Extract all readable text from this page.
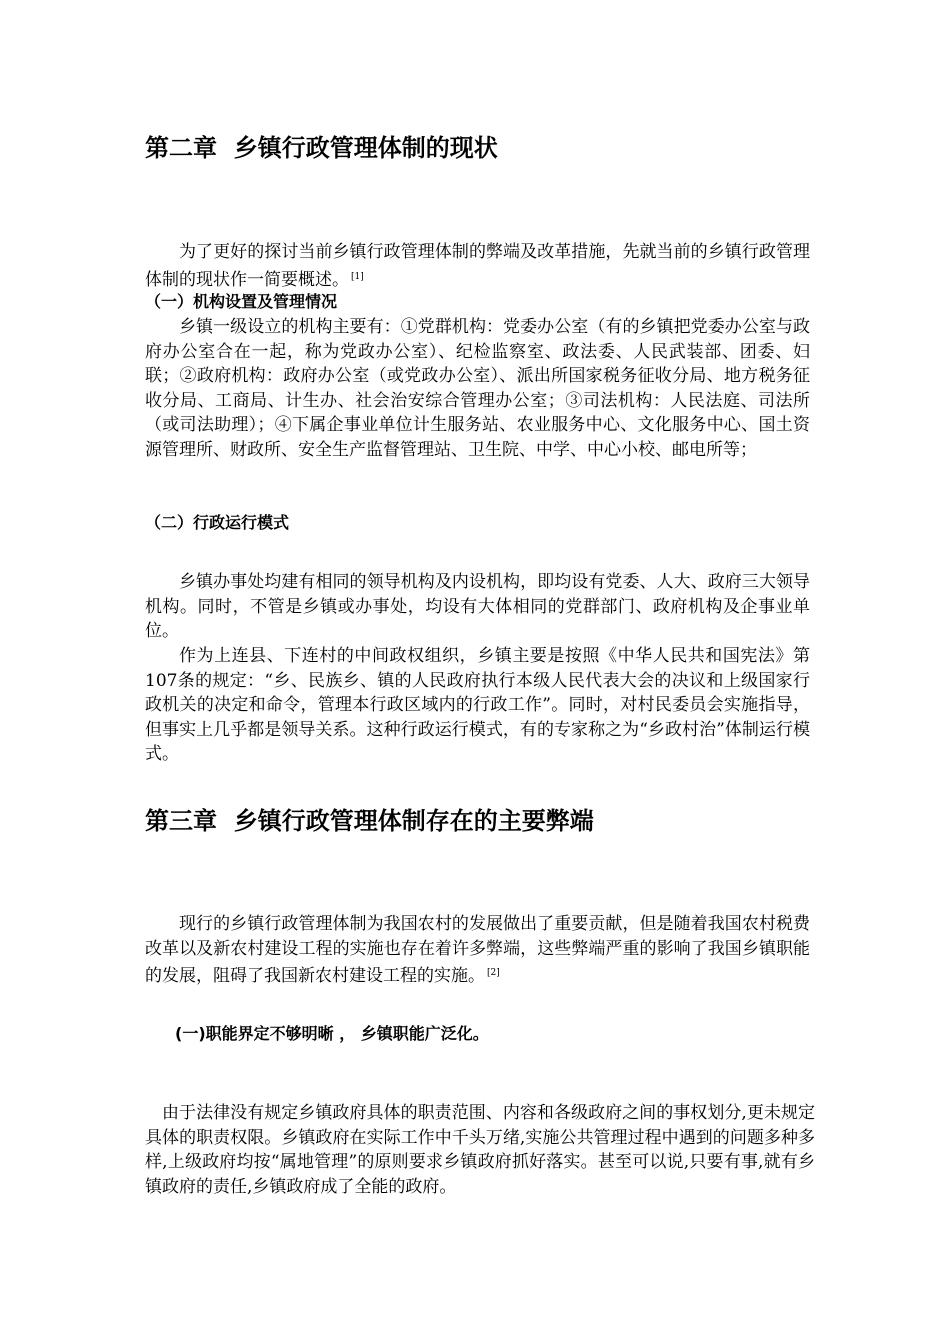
第二章  乡镇行政管理体制的现状
为了更好的探讨当前乡镇行政管理体制的弊端及改革措施，先就当前的乡镇行政管理体制的现状作一简要概述。 [1]
（一）机构设置及管理情况
乡镇一级设立的机构主要有：①党群机构：党委办公室（有的乡镇把党委办公室与政府办公室合在一起，称为党政办公室）、纪检监察室、政法委、人民武装部、团委、妇联；②政府机构：政府办公室（或党政办公室）、派出所国家税务征收分局、地方税务征收分局、工商局、计生办、社会治安综合管理办公室；③司法机构：人民法庭、司法所（或司法助理）；④下属企事业单位计生服务站、农业服务中心、文化服务中心、国土资源管理所、财政所、安全生产监督管理站、卫生院、中学、中心小校、邮电所等；
（二）行政运行模式
乡镇办事处均建有相同的领导机构及内设机构，即均设有党委、人大、政府三大领导机构。同时，不管是乡镇或办事处，均设有大体相同的党群部门、政府机构及企事业单位。
作为上连县、下连村的中间政权组织，乡镇主要是按照《中华人民共和国宪法》第107条的规定：“乡、民族乡、镇的人民政府执行本级人民代表大会的决议和上级国家行政机关的决定和命令，管理本行政区域内的行政工作”。同时，对村民委员会实施指导，但事实上几乎都是领导关系。这种行政运行模式，有的专家称之为“乡政村治”体制运行模式。
第三章  乡镇行政管理体制存在的主要弊端
现行的乡镇行政管理体制为我国农村的发展做出了重要贡献，但是随着我国农村税费改革以及新农村建设工程的实施也存在着许多弊端，这些弊端严重的影响了我国乡镇职能的发展，阻碍了我国新农村建设工程的实施。 [2]
(一)职能界定不够明晰 ， 乡镇职能广泛化。
由于法律没有规定乡镇政府具体的职责范围、内容和各级政府之间的事权划分,更未规定具体的职责权限。乡镇政府在实际工作中千头万绪,实施公共管理过程中遇到的问题多种多样,上级政府均按“属地管理”的原则要求乡镇政府抓好落实。甚至可以说,只要有事,就有乡镇政府的责任,乡镇政府成了全能的政府。
